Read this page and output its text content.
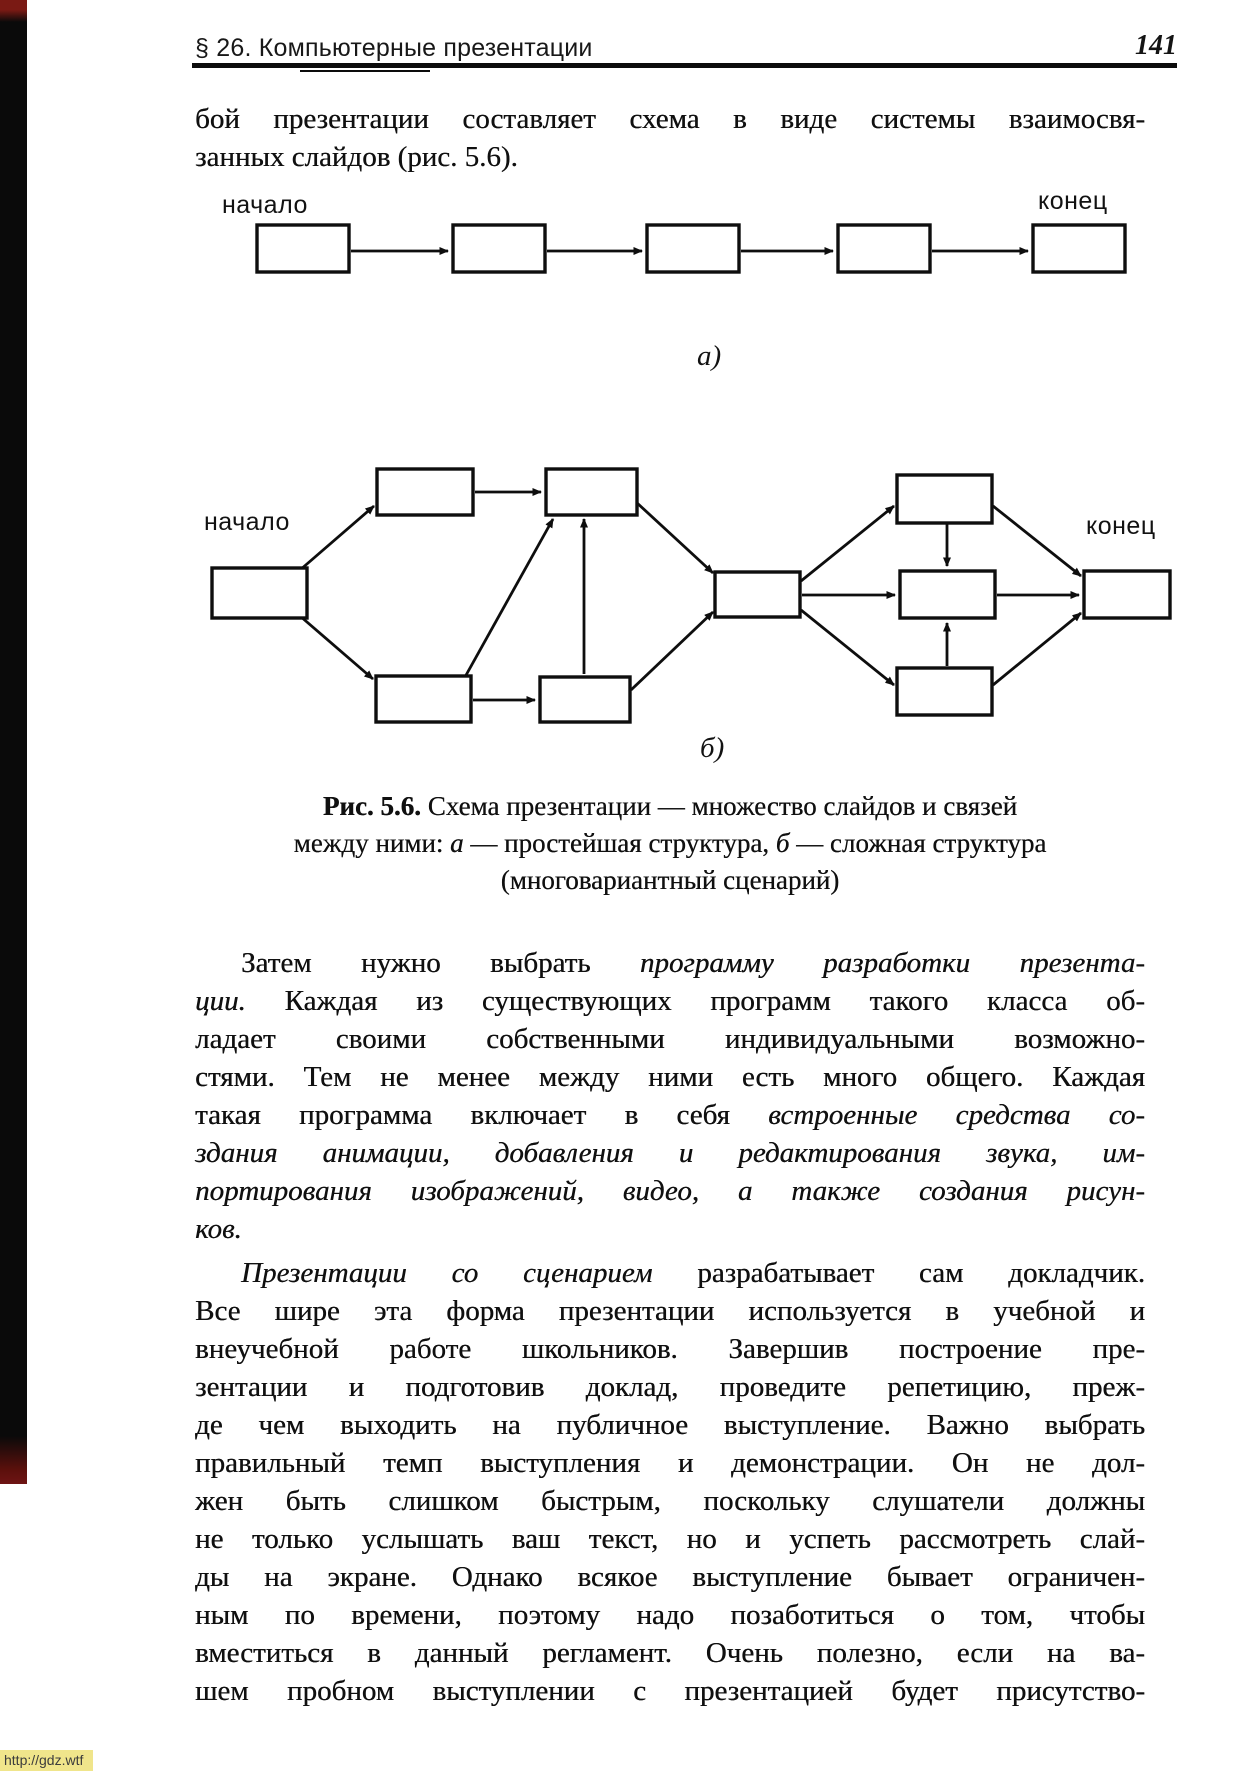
§ 26. Компьютерные презентации	141
бой презентации составляет схема в виде системы взаимосвя-
занных слайдов (рис. 5.6).
начало	конец
а)
начало	конец
б)
Рис. 5.6. Схема презентации — множество слайдов и связей
между ними: а — простейшая структура, б — сложная структура
(многовариантный сценарий)
Затем нужно выбрать программу разработки презента-
ции. Каждая из существующих программ такого класса об-
ладает своими собственными индивидуальными возможно-
стями. Тем не менее между ними есть много общего. Каждая
такая программа включает в себя встроенные средства со-
здания анимации, добавления и редактирования звука, им-
портирования изображений, видео, а также создания рисун-
ков.
Презентации со сценарием разрабатывает сам докладчик.
Все шире эта форма презентации используется в учебной и
внеучебной работе школьников. Завершив построение пре-
зентации и подготовив доклад, проведите репетицию, преж-
де чем выходить на публичное выступление. Важно выбрать
правильный темп выступления и демонстрации. Он не дол-
жен быть слишком быстрым, поскольку слушатели должны
не только услышать ваш текст, но и успеть рассмотреть слай-
ды на экране. Однако всякое выступление бывает ограничен-
ным по времени, поэтому надо позаботиться о том, чтобы
вместиться в данный регламент. Очень полезно, если на ва-
шем пробном выступлении с презентацией будет присутство-
http://gdz.wtf
